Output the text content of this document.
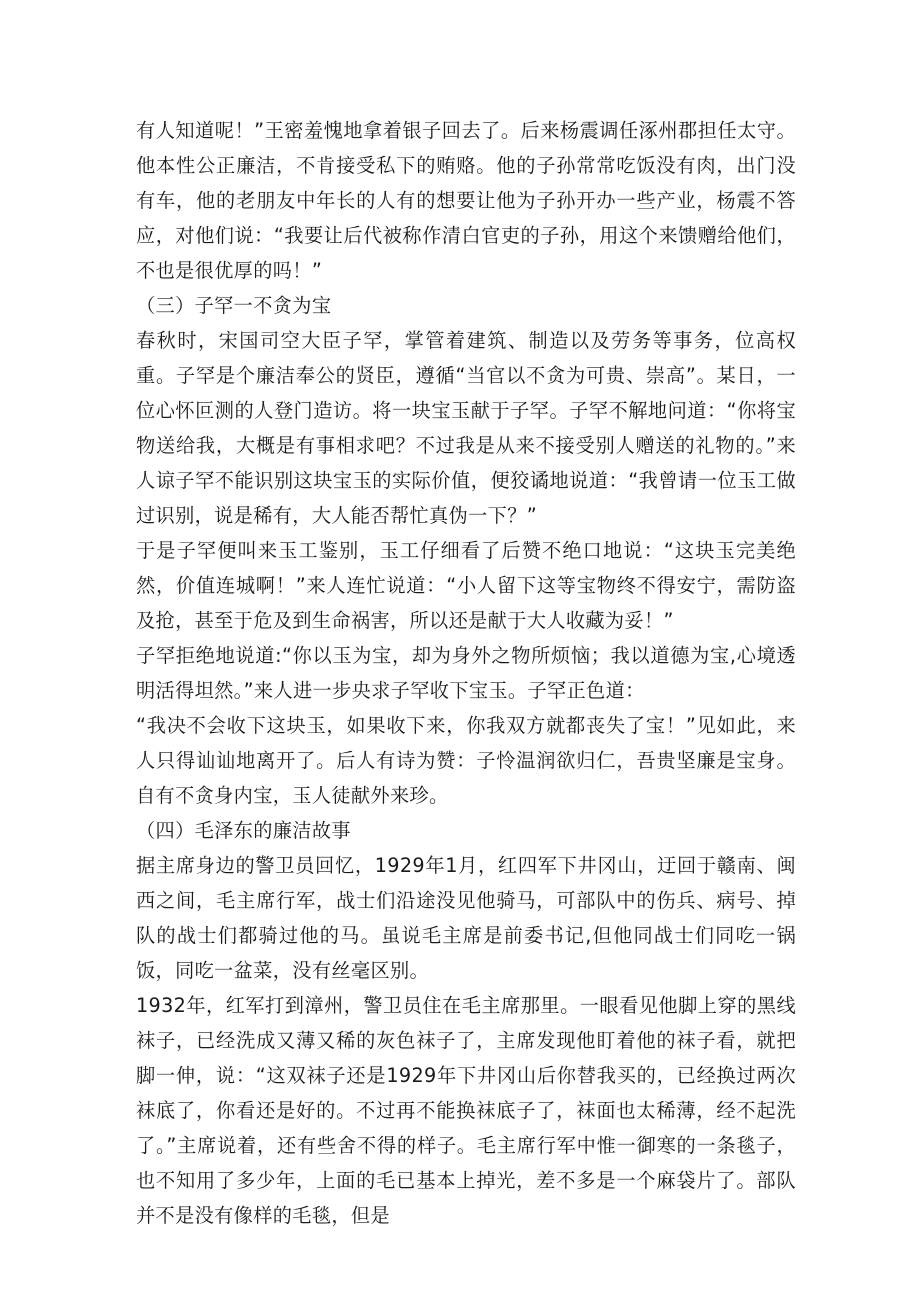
有人知道呢！”王密羞愧地拿着银子回去了。后来杨震调任涿州郡担任太守。他本性公正廉洁，不肯接受私下的贿赂。他的子孙常常吃饭没有肉，出门没有车，他的老朋友中年长的人有的想要让他为子孙开办一些产业，杨震不答应，对他们说：“我要让后代被称作清白官吏的子孙，用这个来馈赠给他们，不也是很优厚的吗！”

（三）子罕一不贪为宝

春秋时，宋国司空大臣子罕，掌管着建筑、制造以及劳务等事务，位高权重。子罕是个廉洁奉公的贤臣，遵循“当官以不贪为可贵、崇高”。某日，一位心怀叵测的人登门造访。将一块宝玉献于子罕。子罕不解地问道：“你将宝物送给我，大概是有事相求吧？不过我是从来不接受别人赠送的礼物的。”来人谅子罕不能识别这块宝玉的实际价值，便狡谲地说道：“我曾请一位玉工做过识别，说是稀有，大人能否帮忙真伪一下？”

于是子罕便叫来玉工鉴别，玉工仔细看了后赞不绝口地说：“这块玉完美绝然，价值连城啊！”来人连忙说道：“小人留下这等宝物终不得安宁，需防盗及抢，甚至于危及到生命祸害，所以还是献于大人收藏为妥！”

子罕拒绝地说道:“你以玉为宝，却为身外之物所烦恼；我以道德为宝,心境透明活得坦然。”来人进一步央求子罕收下宝玉。子罕正色道：

“我决不会收下这块玉，如果收下来，你我双方就都丧失了宝！”见如此，来人只得讪讪地离开了。后人有诗为赞：子怜温润欲归仁，吾贵坚廉是宝身。自有不贪身内宝，玉人徒献外来珍。

（四）毛泽东的廉洁故事

据主席身边的警卫员回忆，1929年1月，红四军下井冈山，迂回于赣南、闽西之间，毛主席行军，战士们沿途没见他骑马，可部队中的伤兵、病号、掉队的战士们都骑过他的马。虽说毛主席是前委书记,但他同战士们同吃一锅饭，同吃一盆菜，没有丝毫区别。

1932年，红军打到漳州，警卫员住在毛主席那里。一眼看见他脚上穿的黑线袜子，已经洗成又薄又稀的灰色袜子了，主席发现他盯着他的袜子看，就把脚一伸，说：“这双袜子还是1929年下井冈山后你替我买的，已经换过两次袜底了，你看还是好的。不过再不能换袜底子了，袜面也太稀薄，经不起洗了。”主席说着，还有些舍不得的样子。毛主席行军中惟一御寒的一条毯子，也不知用了多少年，上面的毛已基本上掉光，差不多是一个麻袋片了。部队并不是没有像样的毛毯，但是
